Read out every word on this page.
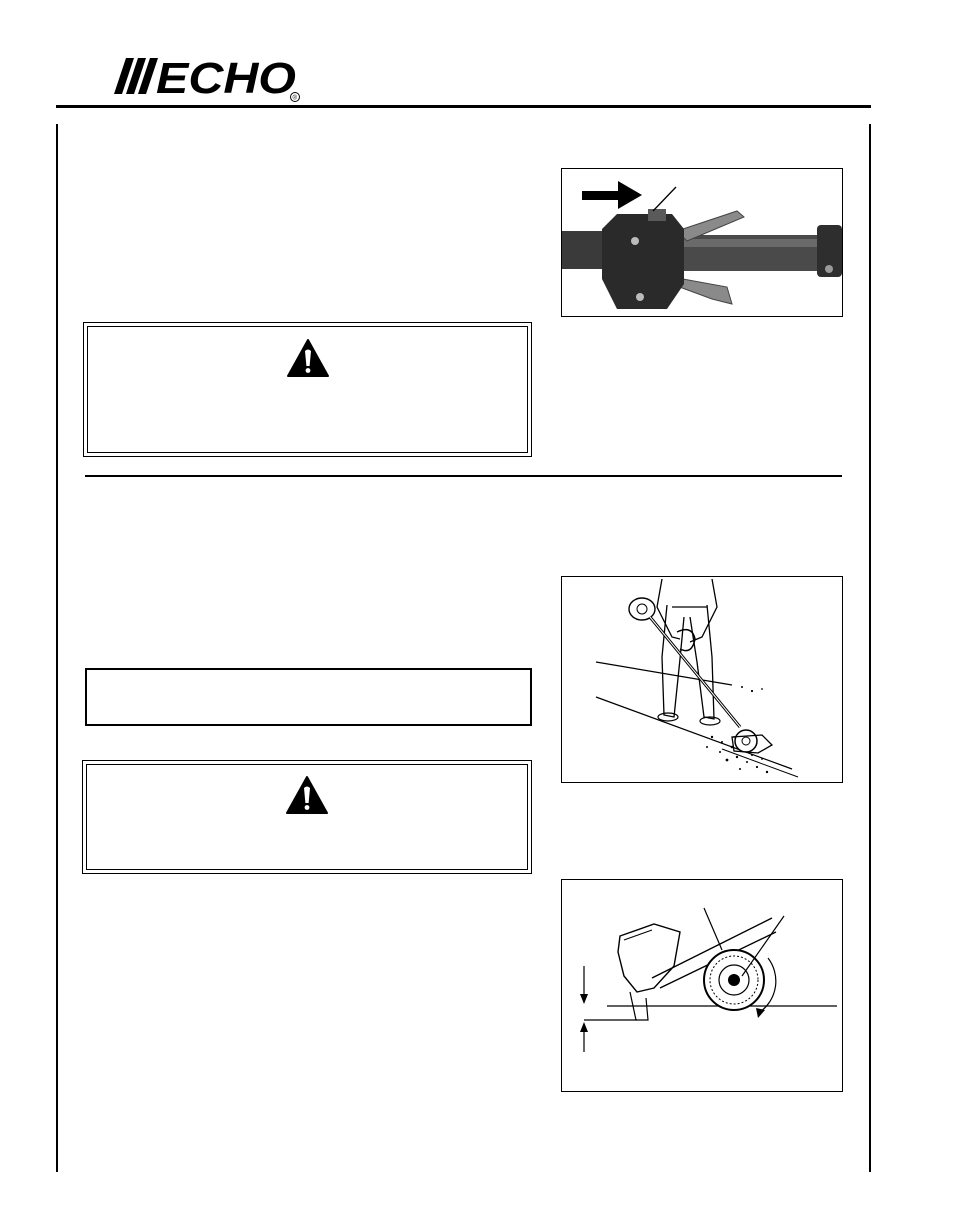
ECHO
®
